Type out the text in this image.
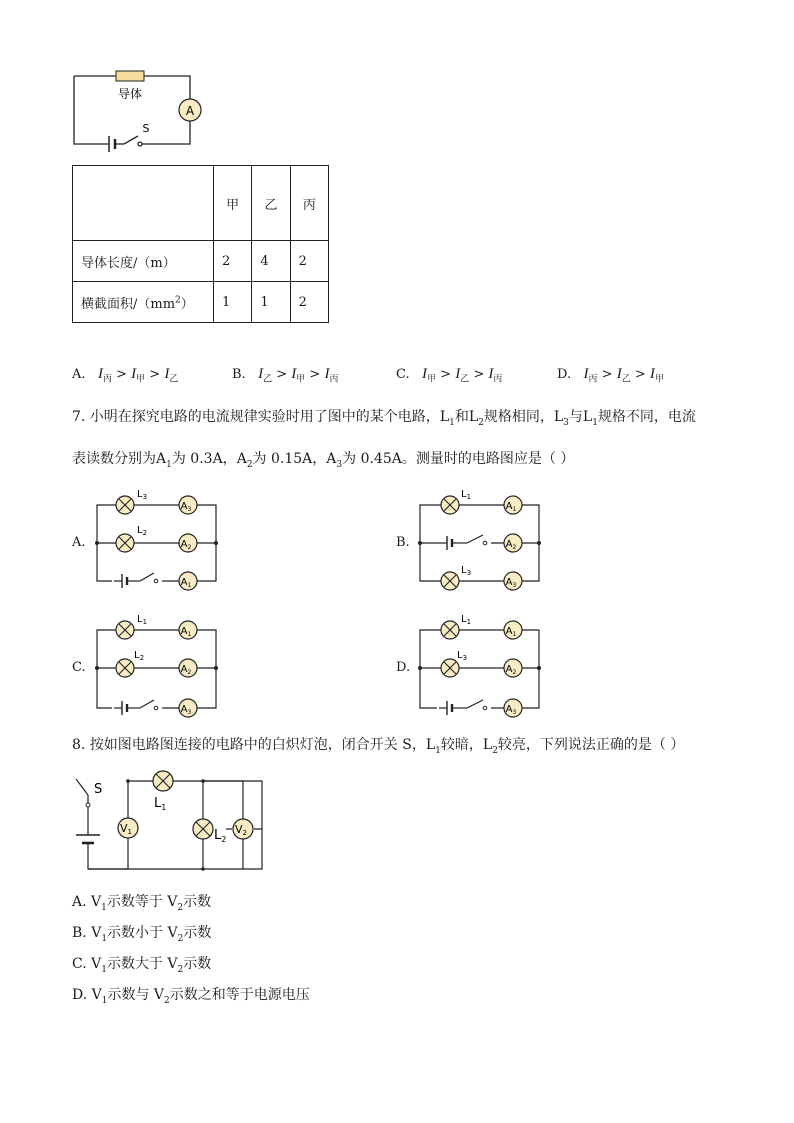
A
导体
S
	甲	乙	丙
导体长度/（m）	2	4	2
横截面积$/(mm^2)$	1	1	2
A. $I_丙 > I_甲 > I_乙$	B. $I_乙 > I_甲 > I_丙$	C. $I_甲 > I_乙 > I_丙$	D. $I_丙 > I_乙 > I_甲$
7. 小明在探究电路的电流规律实验时用了图中的某个电路，$L_1$和$L_2$规格相同，$L_3$与$L_1$规格不同，电流
表读数分别为$A_1$为 0.3A，$A_2$为 0.15A，$A_3$为 0.45A。测量时的电路图应是（ ）
A.	B.
C.	D.
$L_3$
$L_2$
$A_3$
$A_2$
$A_1$
$L_1$
$L_3$
$A_1$
$A_2$
$A_3$
$L_1$
$L_2$
$A_1$
$A_2$
$A_3$
$L_1$
$L_3$
$A_1$
$A_2$
$A_3$
8. 按如图电路图连接的电路中的白炽灯泡，闭合开关 S，$L_1$较暗，$L_2$较亮，下列说法正确的是（ ）
S
$L_1$
V1	$L_2$
V2
A. $V_1$示数等于 $V_2$示数
B. $V_1$示数小于 $V_2$示数
C. $V_1$示数大于 $V_2$示数
D. $V_1$示数与 $V_2$示数之和等于电源电压
